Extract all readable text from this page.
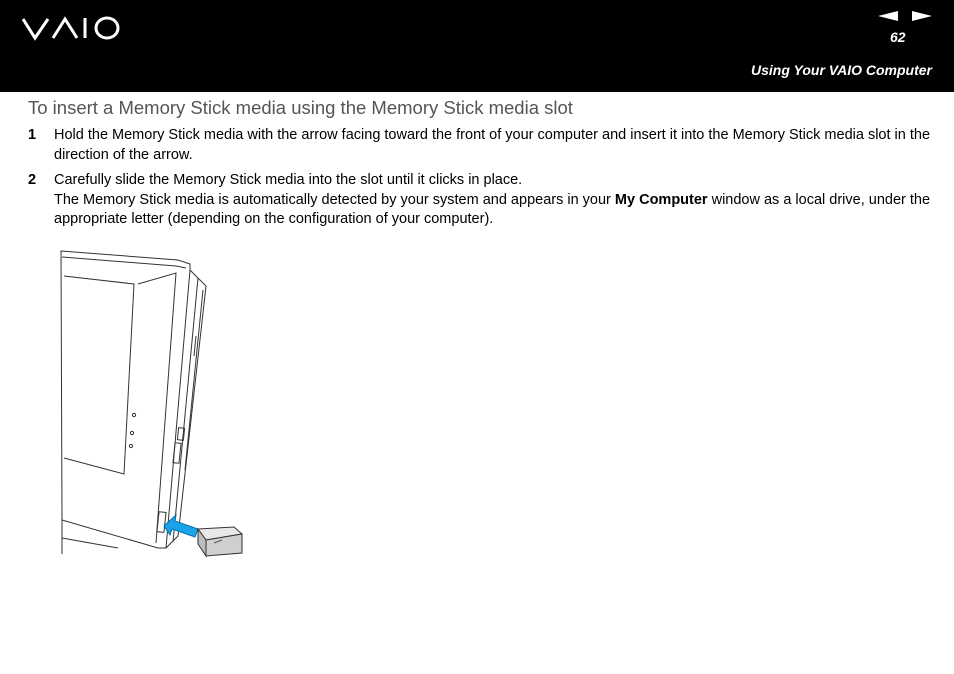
62
Using Your VAIO Computer
To insert a Memory Stick media using the Memory Stick media slot
1 Hold the Memory Stick media with the arrow facing toward the front of your computer and insert it into the Memory Stick media slot in the direction of the arrow.

2 Carefully slide the Memory Stick media into the slot until it clicks in place.

The Memory Stick media is automatically detected by your system and appears in your My Computer window as a local drive, under the appropriate letter (depending on the configuration of your computer).
